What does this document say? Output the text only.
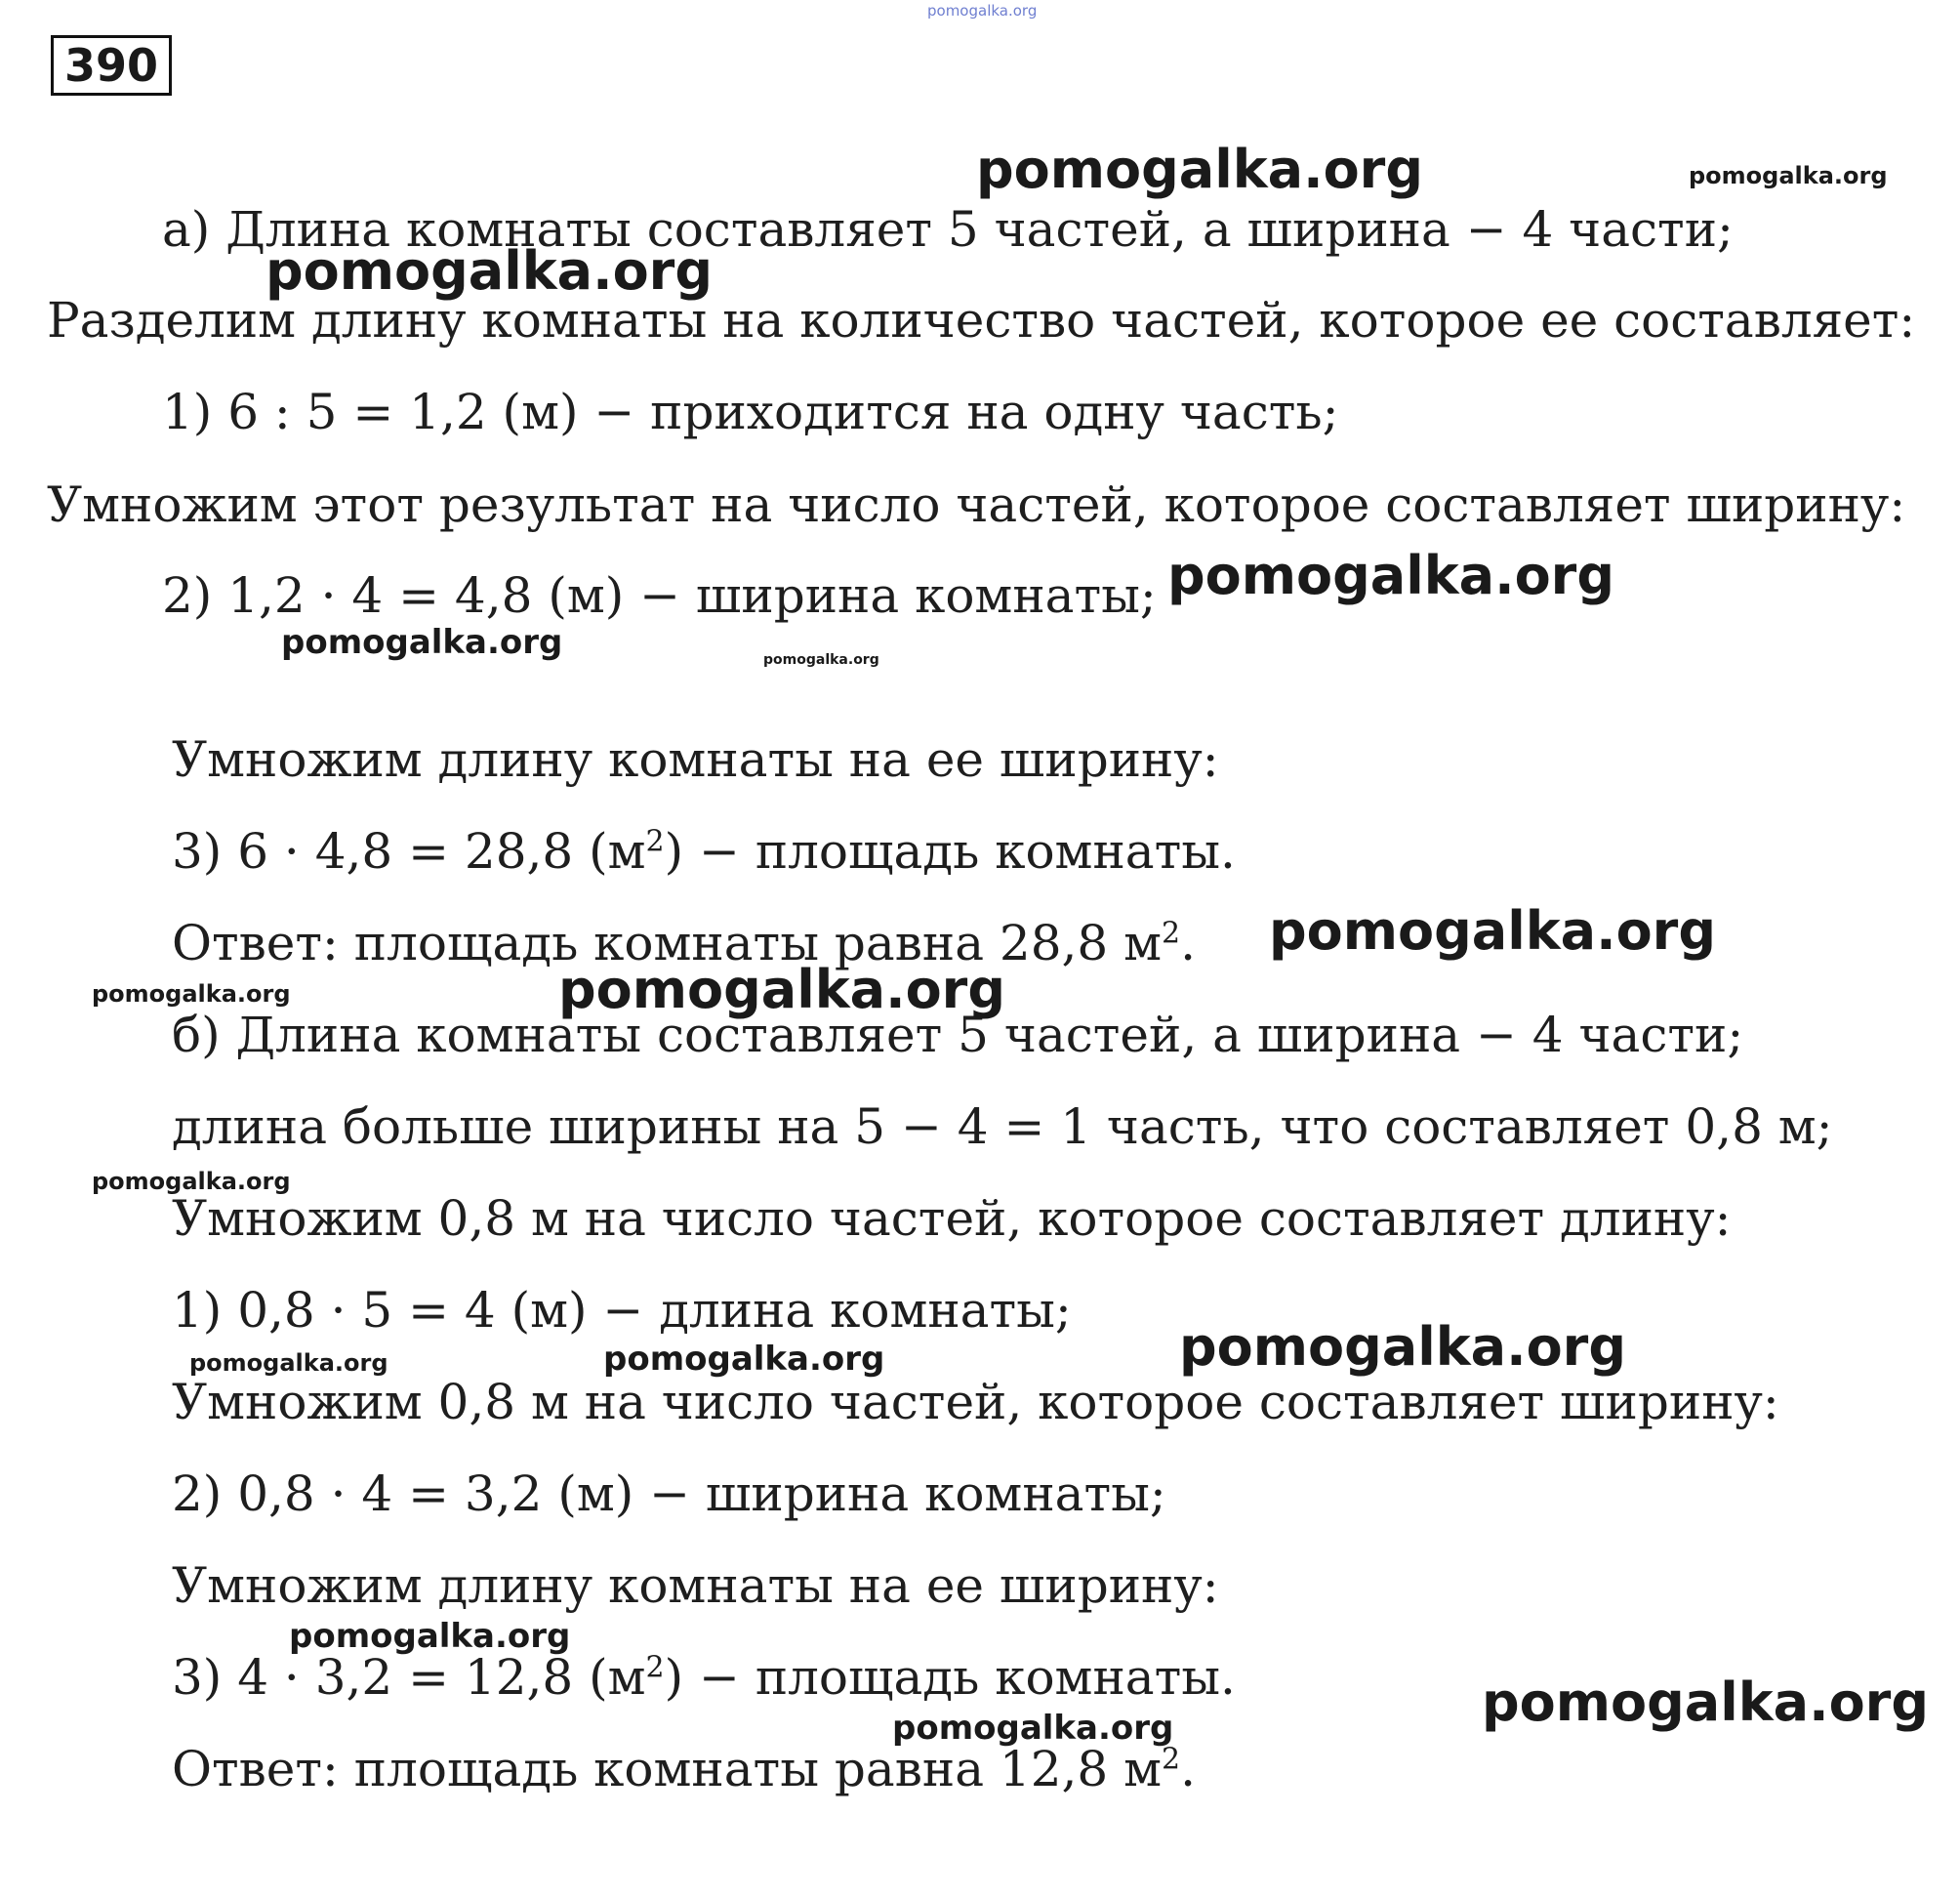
pomogalka.org
390
а) Длина комнаты составляет 5 частей, а ширина − 4 части;
Разделим длину комнаты на количество частей, которое ее составляет:
1) 6 : 5 = 1,2 (м) − приходится на одну часть;
Умножим этот результат на число частей, которое составляет ширину:
2) 1,2 · 4 = 4,8 (м) − ширина комнаты;
Умножим длину комнаты на ее ширину:
3) 6 · 4,8 = 28,8 $(м^2)$ − площадь комнаты.
Ответ: площадь комнаты равна 28,8 $м^2$.
б) Длина комнаты составляет 5 частей, а ширина − 4 части;
длина больше ширины на 5 − 4 = 1 часть, что составляет 0,8 м;
Умножим 0,8 м на число частей, которое составляет длину:
1) 0,8 · 5 = 4 (м) − длина комнаты;
Умножим 0,8 м на число частей, которое составляет ширину:
2) 0,8 · 4 = 3,2 (м) − ширина комнаты;
Умножим длину комнаты на ее ширину:
3) 4 · 3,2 = 12,8 $(м^2)$ − площадь комнаты.
Ответ: площадь комнаты равна 12,8 $м^2$.
pomogalka.org	pomogalka.org
pomogalka.org
pomogalka.org
pomogalka.org	pomogalka.org
pomogalka.org
pomogalka.org	pomogalka.org
pomogalka.org
pomogalka.org
pomogalka.org	pomogalka.org
pomogalka.org
pomogalka.org
pomogalka.org
